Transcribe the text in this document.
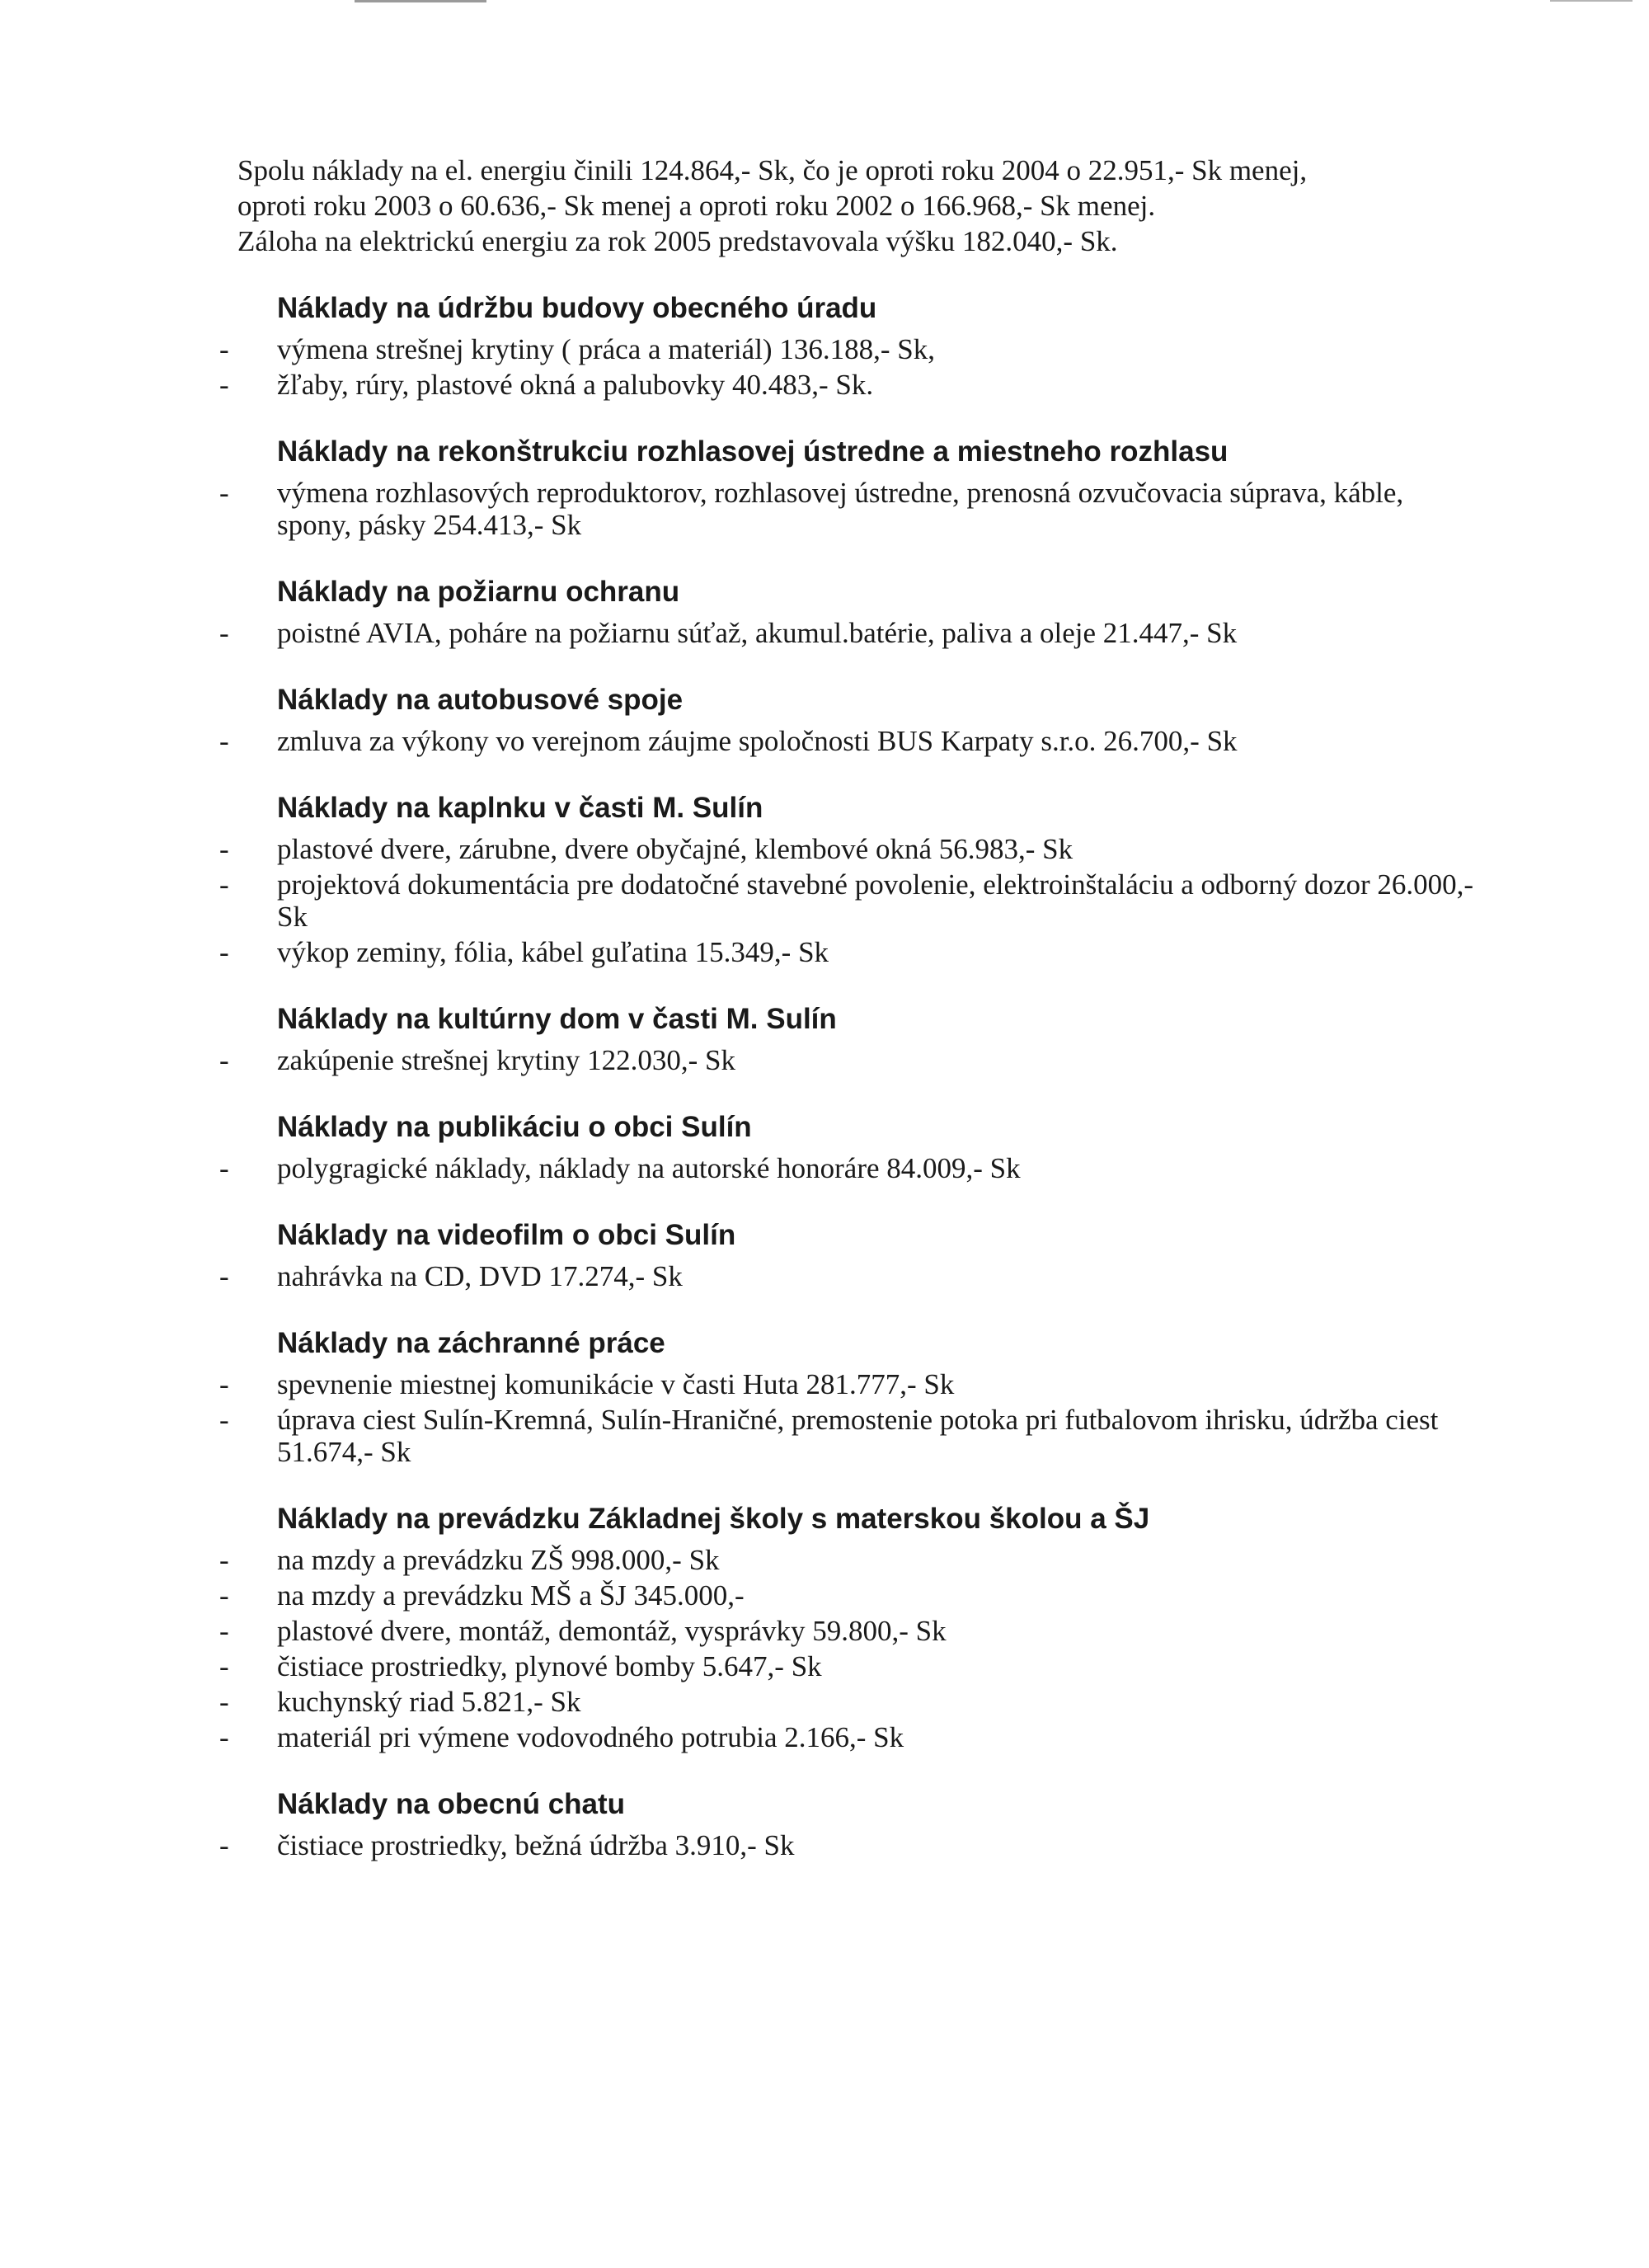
Spolu náklady na el. energiu činili 124.864,- Sk, čo je oproti roku 2004 o 22.951,- Sk menej,

oproti roku 2003 o 60.636,- Sk menej a oproti roku 2002 o 166.968,- Sk menej.

Záloha na elektrickú energiu za rok 2005 predstavovala výšku 182.040,- Sk.

Náklady na údržbu budovy obecného úradu
- výmena strešnej krytiny ( práca a materiál) 136.188,- Sk,
- žľaby, rúry, plastové okná a palubovky 40.483,- Sk.
Náklady na rekonštrukciu rozhlasovej ústredne a miestneho rozhlasu
- výmena rozhlasových reproduktorov, rozhlasovej ústredne, prenosná ozvučovacia súprava, káble, spony, pásky 254.413,- Sk
Náklady na požiarnu ochranu
- poistné AVIA, poháre na požiarnu súťaž, akumul.batérie, paliva a oleje 21.447,- Sk
Náklady na autobusové spoje
- zmluva za výkony vo verejnom záujme spoločnosti BUS Karpaty s.r.o. 26.700,- Sk
Náklady na kaplnku v časti M. Sulín
- plastové dvere, zárubne, dvere obyčajné, klembové okná 56.983,- Sk
- projektová dokumentácia pre dodatočné stavebné povolenie, elektroinštaláciu a odborný dozor 26.000,- Sk
- výkop zeminy, fólia, kábel guľatina 15.349,- Sk
Náklady na kultúrny dom v časti M. Sulín
- zakúpenie strešnej krytiny 122.030,- Sk
Náklady na publikáciu o obci Sulín
- polygragické náklady, náklady na autorské honoráre 84.009,- Sk
Náklady na videofilm o obci Sulín
- nahrávka na CD, DVD 17.274,- Sk
Náklady na záchranné práce
- spevnenie miestnej komunikácie v časti Huta 281.777,- Sk
- úprava ciest Sulín-Kremná, Sulín-Hraničné, premostenie potoka pri futbalovom ihrisku, údržba ciest 51.674,- Sk
Náklady na prevádzku Základnej školy s materskou školou a ŠJ
- na mzdy a prevádzku ZŠ 998.000,- Sk
- na mzdy a prevádzku MŠ a ŠJ 345.000,-
- plastové dvere, montáž, demontáž, vysprávky 59.800,- Sk
- čistiace prostriedky, plynové bomby 5.647,- Sk
- kuchynský riad 5.821,- Sk
- materiál pri výmene vodovodného potrubia 2.166,- Sk
Náklady na obecnú chatu
- čistiace prostriedky, bežná údržba 3.910,- Sk
